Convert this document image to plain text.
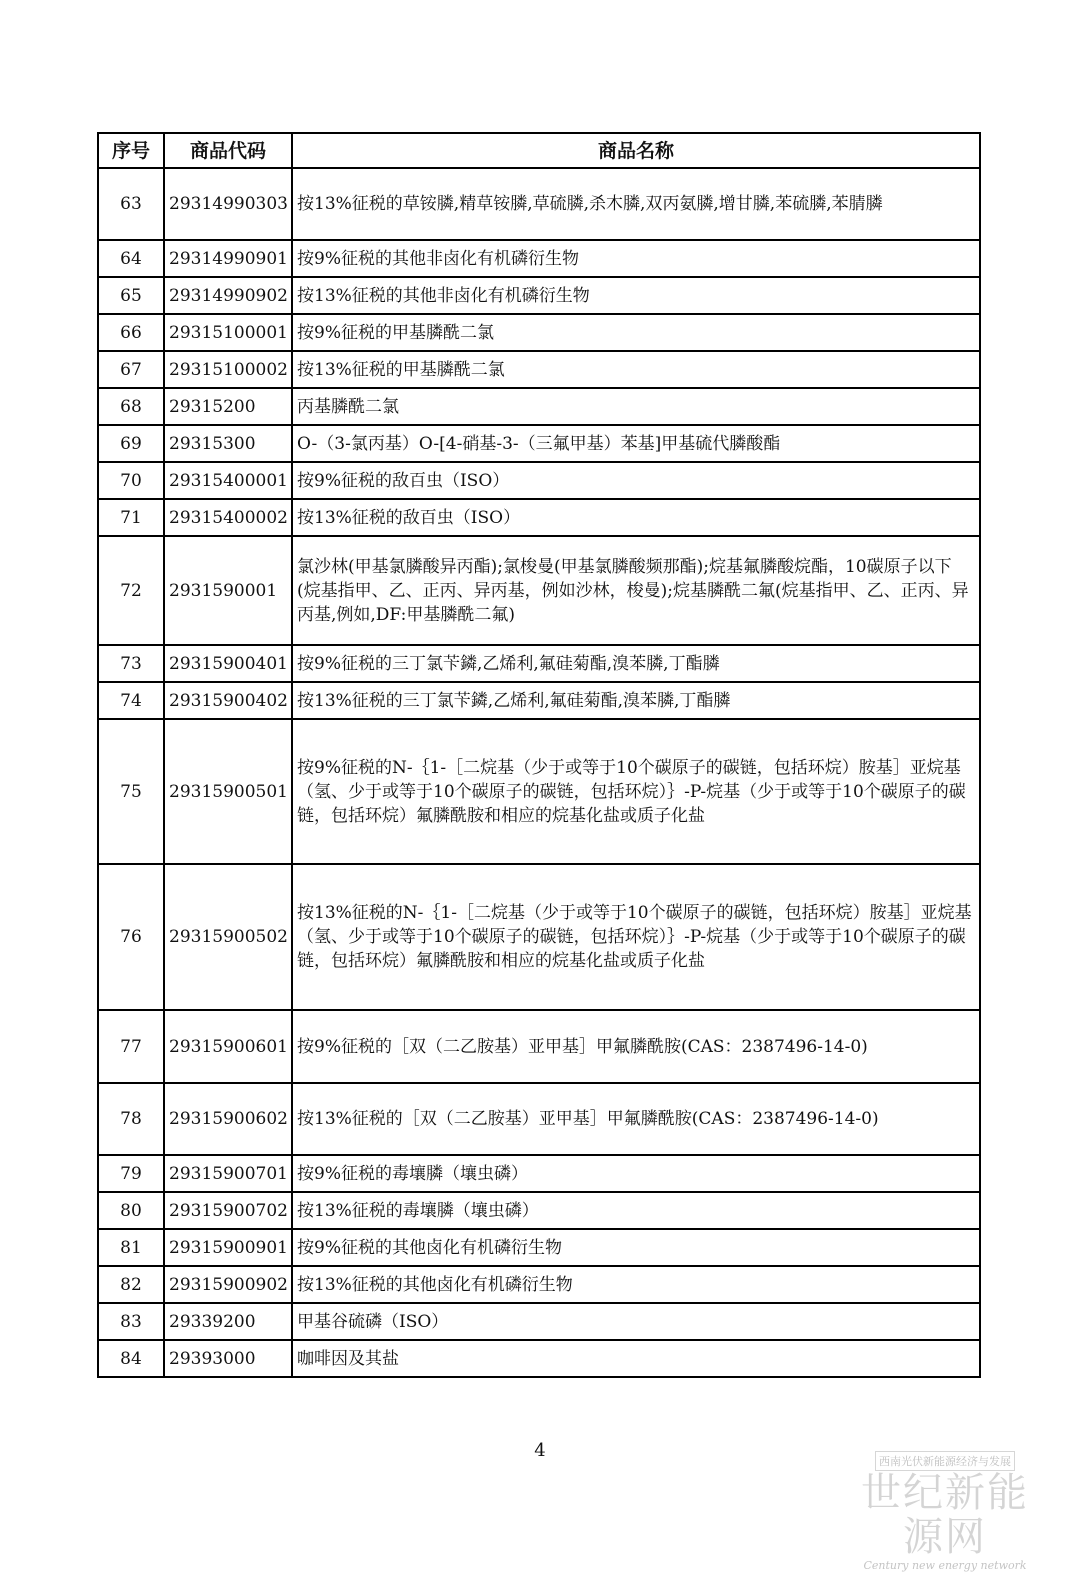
序号	商品代码	商品名称
63	29314990303	按13%征税的草铵膦,精草铵膦,草硫膦,杀木膦,双丙氨膦,增甘膦,苯硫膦,苯腈膦
64	29314990901	按9%征税的其他非卤化有机磷衍生物
65	29314990902	按13%征税的其他非卤化有机磷衍生物
66	29315100001	按9%征税的甲基膦酰二氯
67	29315100002	按13%征税的甲基膦酰二氯
68	29315200	丙基膦酰二氯
69	29315300	O-（3-氯丙基）O-[4-硝基-3-（三氟甲基）苯基]甲基硫代膦酸酯
70	29315400001	按9%征税的敌百虫（ISO）
71	29315400002	按13%征税的敌百虫（ISO）
72	2931590001	氯沙林(甲基氯膦酸异丙酯);氯梭曼(甲基氯膦酸频那酯);烷基氟膦酸烷酯，10碳原子以下(烷基指甲、乙、正丙、异丙基，例如沙林，梭曼);烷基膦酰二氟(烷基指甲、乙、正丙、异丙基,例如,DF:甲基膦酰二氟)
73	29315900401	按9%征税的三丁氯苄鏻,乙烯利,氟硅菊酯,溴苯膦,丁酯膦
74	29315900402	按13%征税的三丁氯苄鏻,乙烯利,氟硅菊酯,溴苯膦,丁酯膦
75	29315900501	按9%征税的N-｛1-［二烷基（少于或等于10个碳原子的碳链，包括环烷）胺基］亚烷基（氢、少于或等于10个碳原子的碳链，包括环烷）｝-P-烷基（少于或等于10个碳原子的碳链，包括环烷）氟膦酰胺和相应的烷基化盐或质子化盐
76	29315900502	按13%征税的N-｛1-［二烷基（少于或等于10个碳原子的碳链，包括环烷）胺基］亚烷基（氢、少于或等于10个碳原子的碳链，包括环烷）｝-P-烷基（少于或等于10个碳原子的碳链，包括环烷）氟膦酰胺和相应的烷基化盐或质子化盐
77	29315900601	按9%征税的［双（二乙胺基）亚甲基］甲氟膦酰胺(CAS：2387496-14-0)
78	29315900602	按13%征税的［双（二乙胺基）亚甲基］甲氟膦酰胺(CAS：2387496-14-0)
79	29315900701	按9%征税的毒壤膦（壤虫磷）
80	29315900702	按13%征税的毒壤膦（壤虫磷）
81	29315900901	按9%征税的其他卤化有机磷衍生物
82	29315900902	按13%征税的其他卤化有机磷衍生物
83	29339200	甲基谷硫磷（ISO）
84	29393000	咖啡因及其盐
4
西南光伏新能源经济与发展
世纪新能源网
Century new energy network
